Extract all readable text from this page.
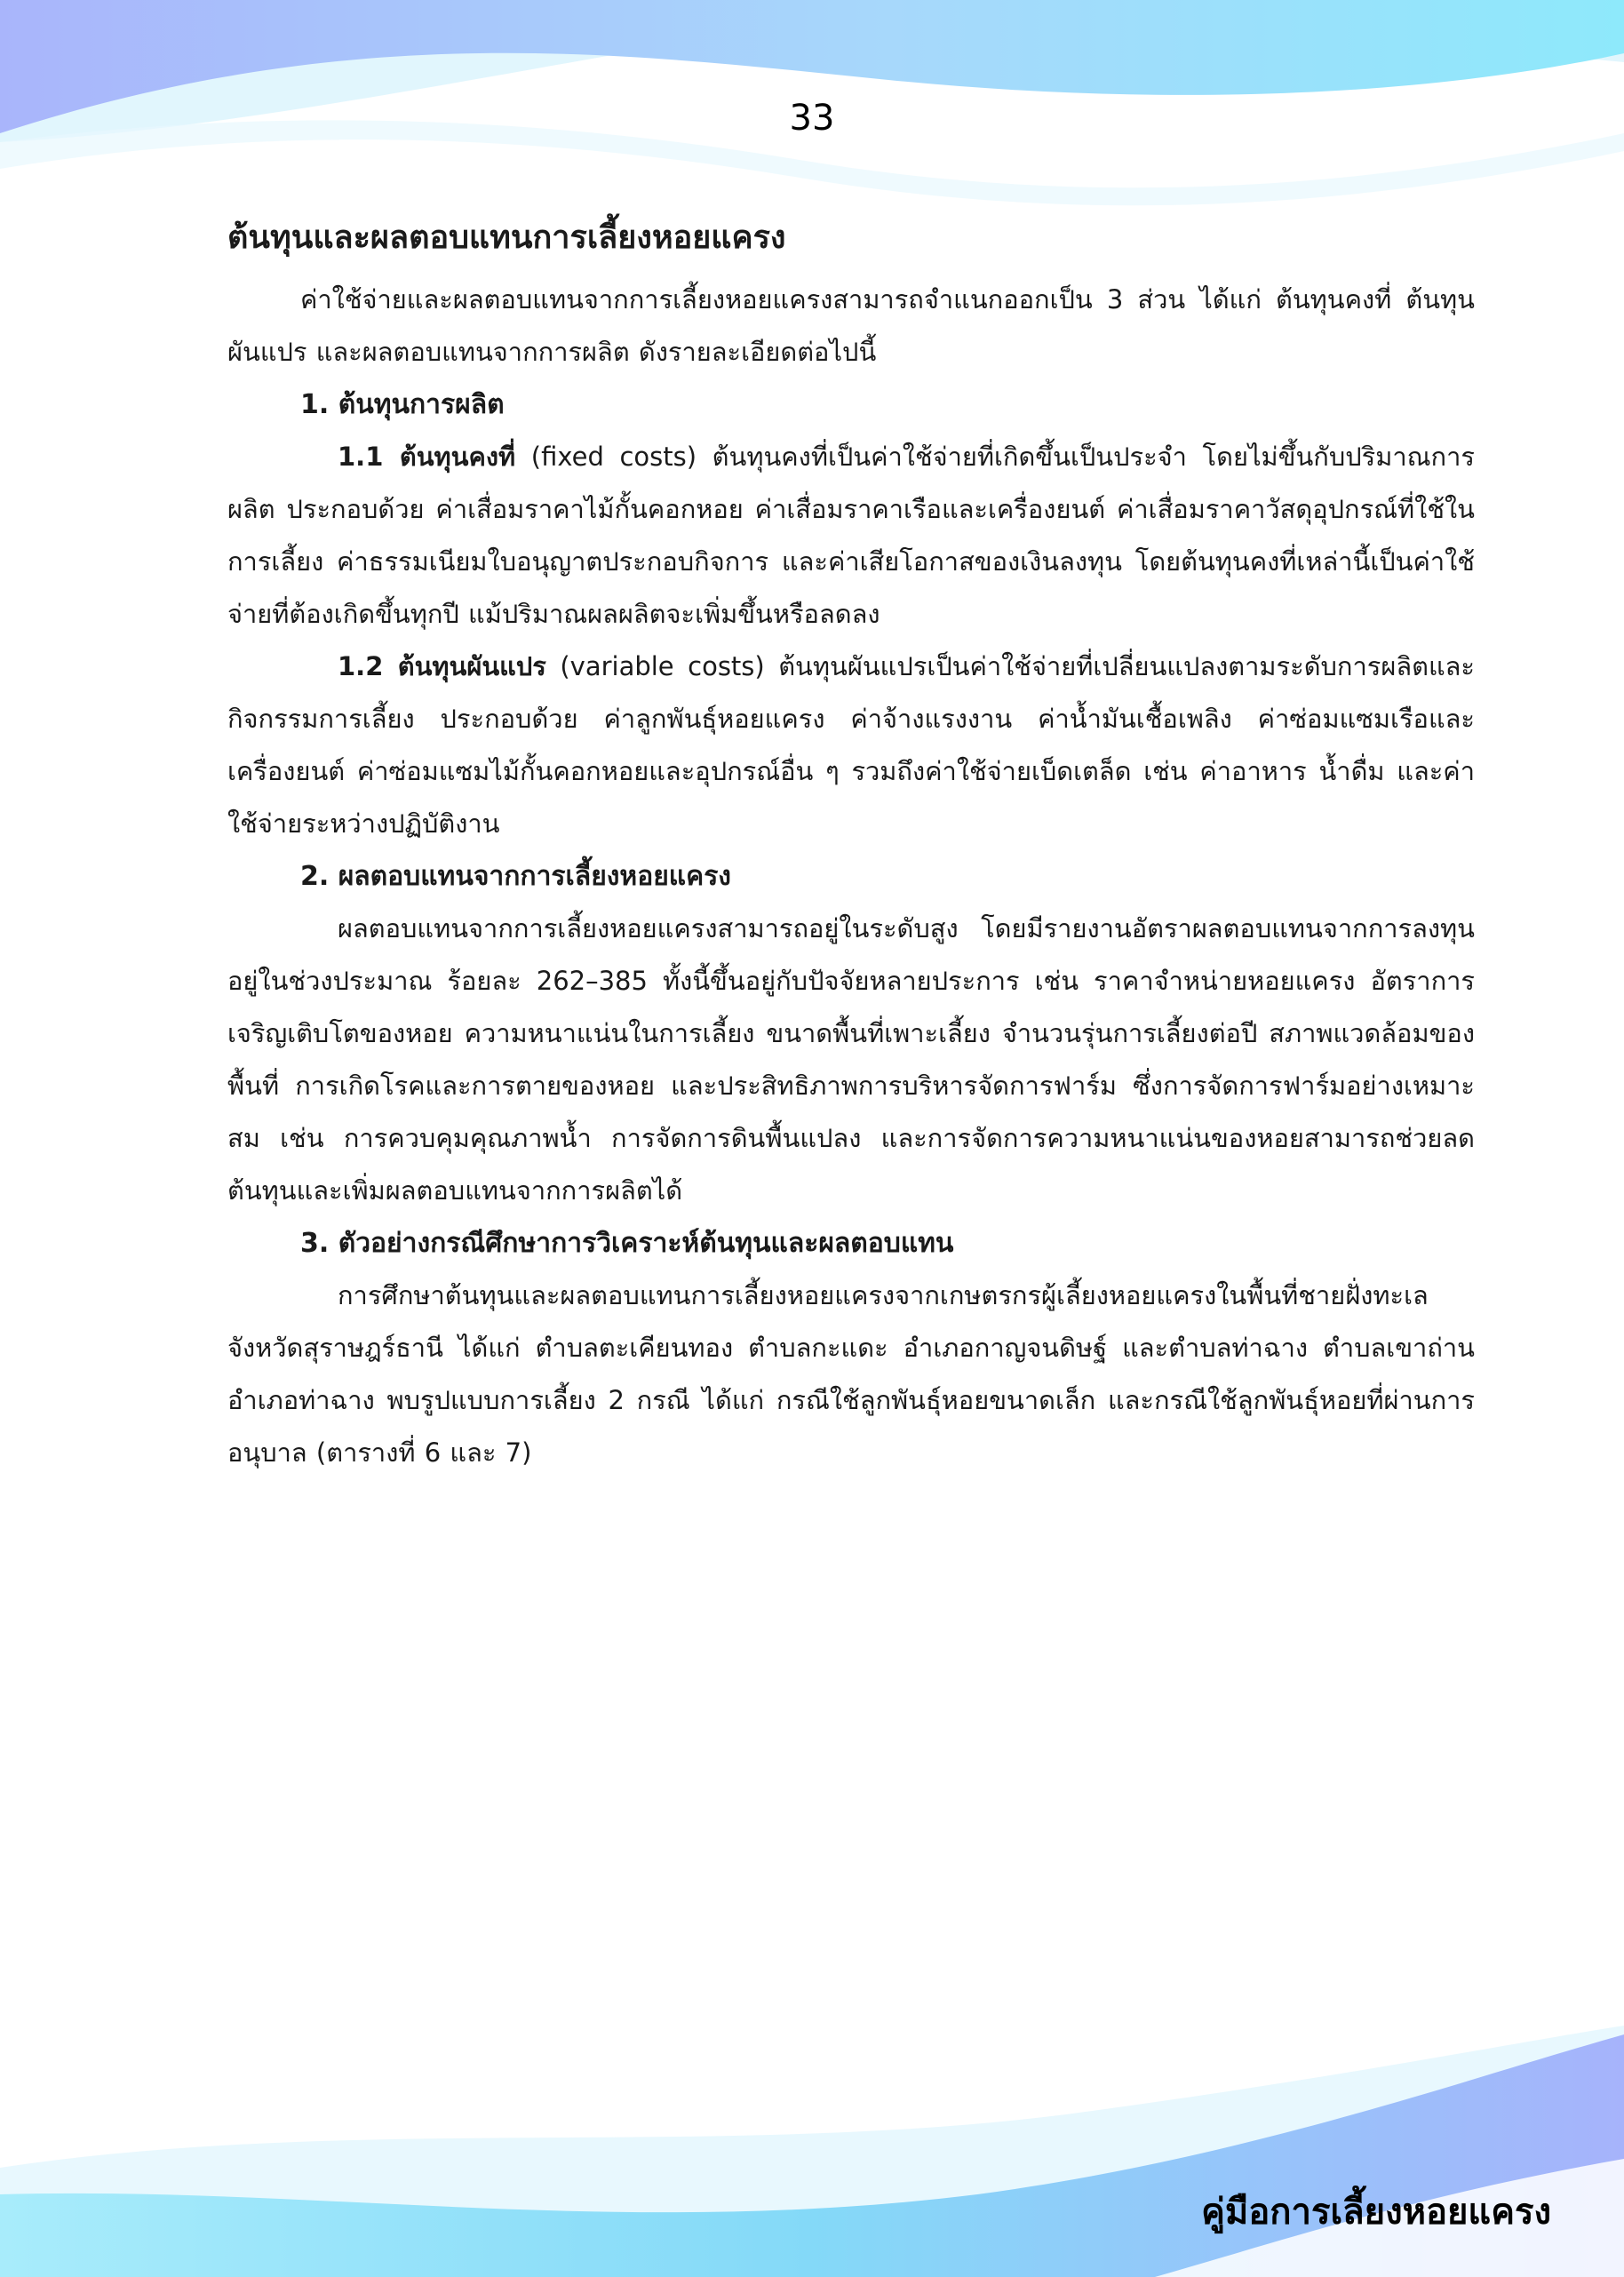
33
ต้นทุนและผลตอบแทนการเลี้ยงหอยแครง

ค่าใช้จ่ายและผลตอบแทนจากการเลี้ยงหอยแครงสามารถจำแนกออกเป็น 3 ส่วน ได้แก่ ต้นทุนคงที่ ต้นทุนผันแปร และผลตอบแทนจากการผลิต ดังรายละเอียดต่อไปนี้

1. ต้นทุนการผลิต

1.1 ต้นทุนคงที่ (fixed costs) ต้นทุนคงที่เป็นค่าใช้จ่ายที่เกิดขึ้นเป็นประจำ โดยไม่ขึ้นกับปริมาณการผลิต ประกอบด้วย ค่าเสื่อมราคาไม้กั้นคอกหอย ค่าเสื่อมราคาเรือและเครื่องยนต์ ค่าเสื่อมราคาวัสดุอุปกรณ์ที่ใช้ในการเลี้ยง ค่าธรรมเนียมใบอนุญาตประกอบกิจการ และค่าเสียโอกาสของเงินลงทุน โดยต้นทุนคงที่เหล่านี้เป็นค่าใช้จ่ายที่ต้องเกิดขึ้นทุกปี แม้ปริมาณผลผลิตจะเพิ่มขึ้นหรือลดลง

1.2 ต้นทุนผันแปร (variable costs) ต้นทุนผันแปรเป็นค่าใช้จ่ายที่เปลี่ยนแปลงตามระดับการผลิตและกิจกรรมการเลี้ยง ประกอบด้วย ค่าลูกพันธุ์หอยแครง ค่าจ้างแรงงาน ค่าน้ำมันเชื้อเพลิง ค่าซ่อมแซมเรือและเครื่องยนต์ ค่าซ่อมแซมไม้กั้นคอกหอยและอุปกรณ์อื่น ๆ รวมถึงค่าใช้จ่ายเบ็ดเตล็ด เช่น ค่าอาหาร น้ำดื่ม และค่าใช้จ่ายระหว่างปฏิบัติงาน

2. ผลตอบแทนจากการเลี้ยงหอยแครง

ผลตอบแทนจากการเลี้ยงหอยแครงสามารถอยู่ในระดับสูง โดยมีรายงานอัตราผลตอบแทนจากการลงทุนอยู่ในช่วงประมาณ ร้อยละ 262–385 ทั้งนี้ขึ้นอยู่กับปัจจัยหลายประการ เช่น ราคาจำหน่ายหอยแครง อัตราการเจริญเติบโตของหอย ความหนาแน่นในการเลี้ยง ขนาดพื้นที่เพาะเลี้ยง จำนวนรุ่นการเลี้ยงต่อปี สภาพแวดล้อมของพื้นที่ การเกิดโรคและการตายของหอย และประสิทธิภาพการบริหารจัดการฟาร์ม ซึ่งการจัดการฟาร์มอย่างเหมาะสม เช่น การควบคุมคุณภาพน้ำ การจัดการดินพื้นแปลง และการจัดการความหนาแน่นของหอยสามารถช่วยลดต้นทุนและเพิ่มผลตอบแทนจากการผลิตได้

3. ตัวอย่างกรณีศึกษาการวิเคราะห์ต้นทุนและผลตอบแทน

การศึกษาต้นทุนและผลตอบแทนการเลี้ยงหอยแครงจากเกษตรกรผู้เลี้ยงหอยแครงในพื้นที่ชายฝั่งทะเลจังหวัดสุราษฎร์ธานี ได้แก่ ตำบลตะเคียนทอง ตำบลกะแดะ อำเภอกาญจนดิษฐ์ และตำบลท่าฉาง ตำบลเขาถ่าน อำเภอท่าฉาง พบรูปแบบการเลี้ยง 2 กรณี ได้แก่ กรณีใช้ลูกพันธุ์หอยขนาดเล็ก และกรณีใช้ลูกพันธุ์หอยที่ผ่านการอนุบาล (ตารางที่ 6 และ 7)

คู่มือการเลี้ยงหอยแครง
